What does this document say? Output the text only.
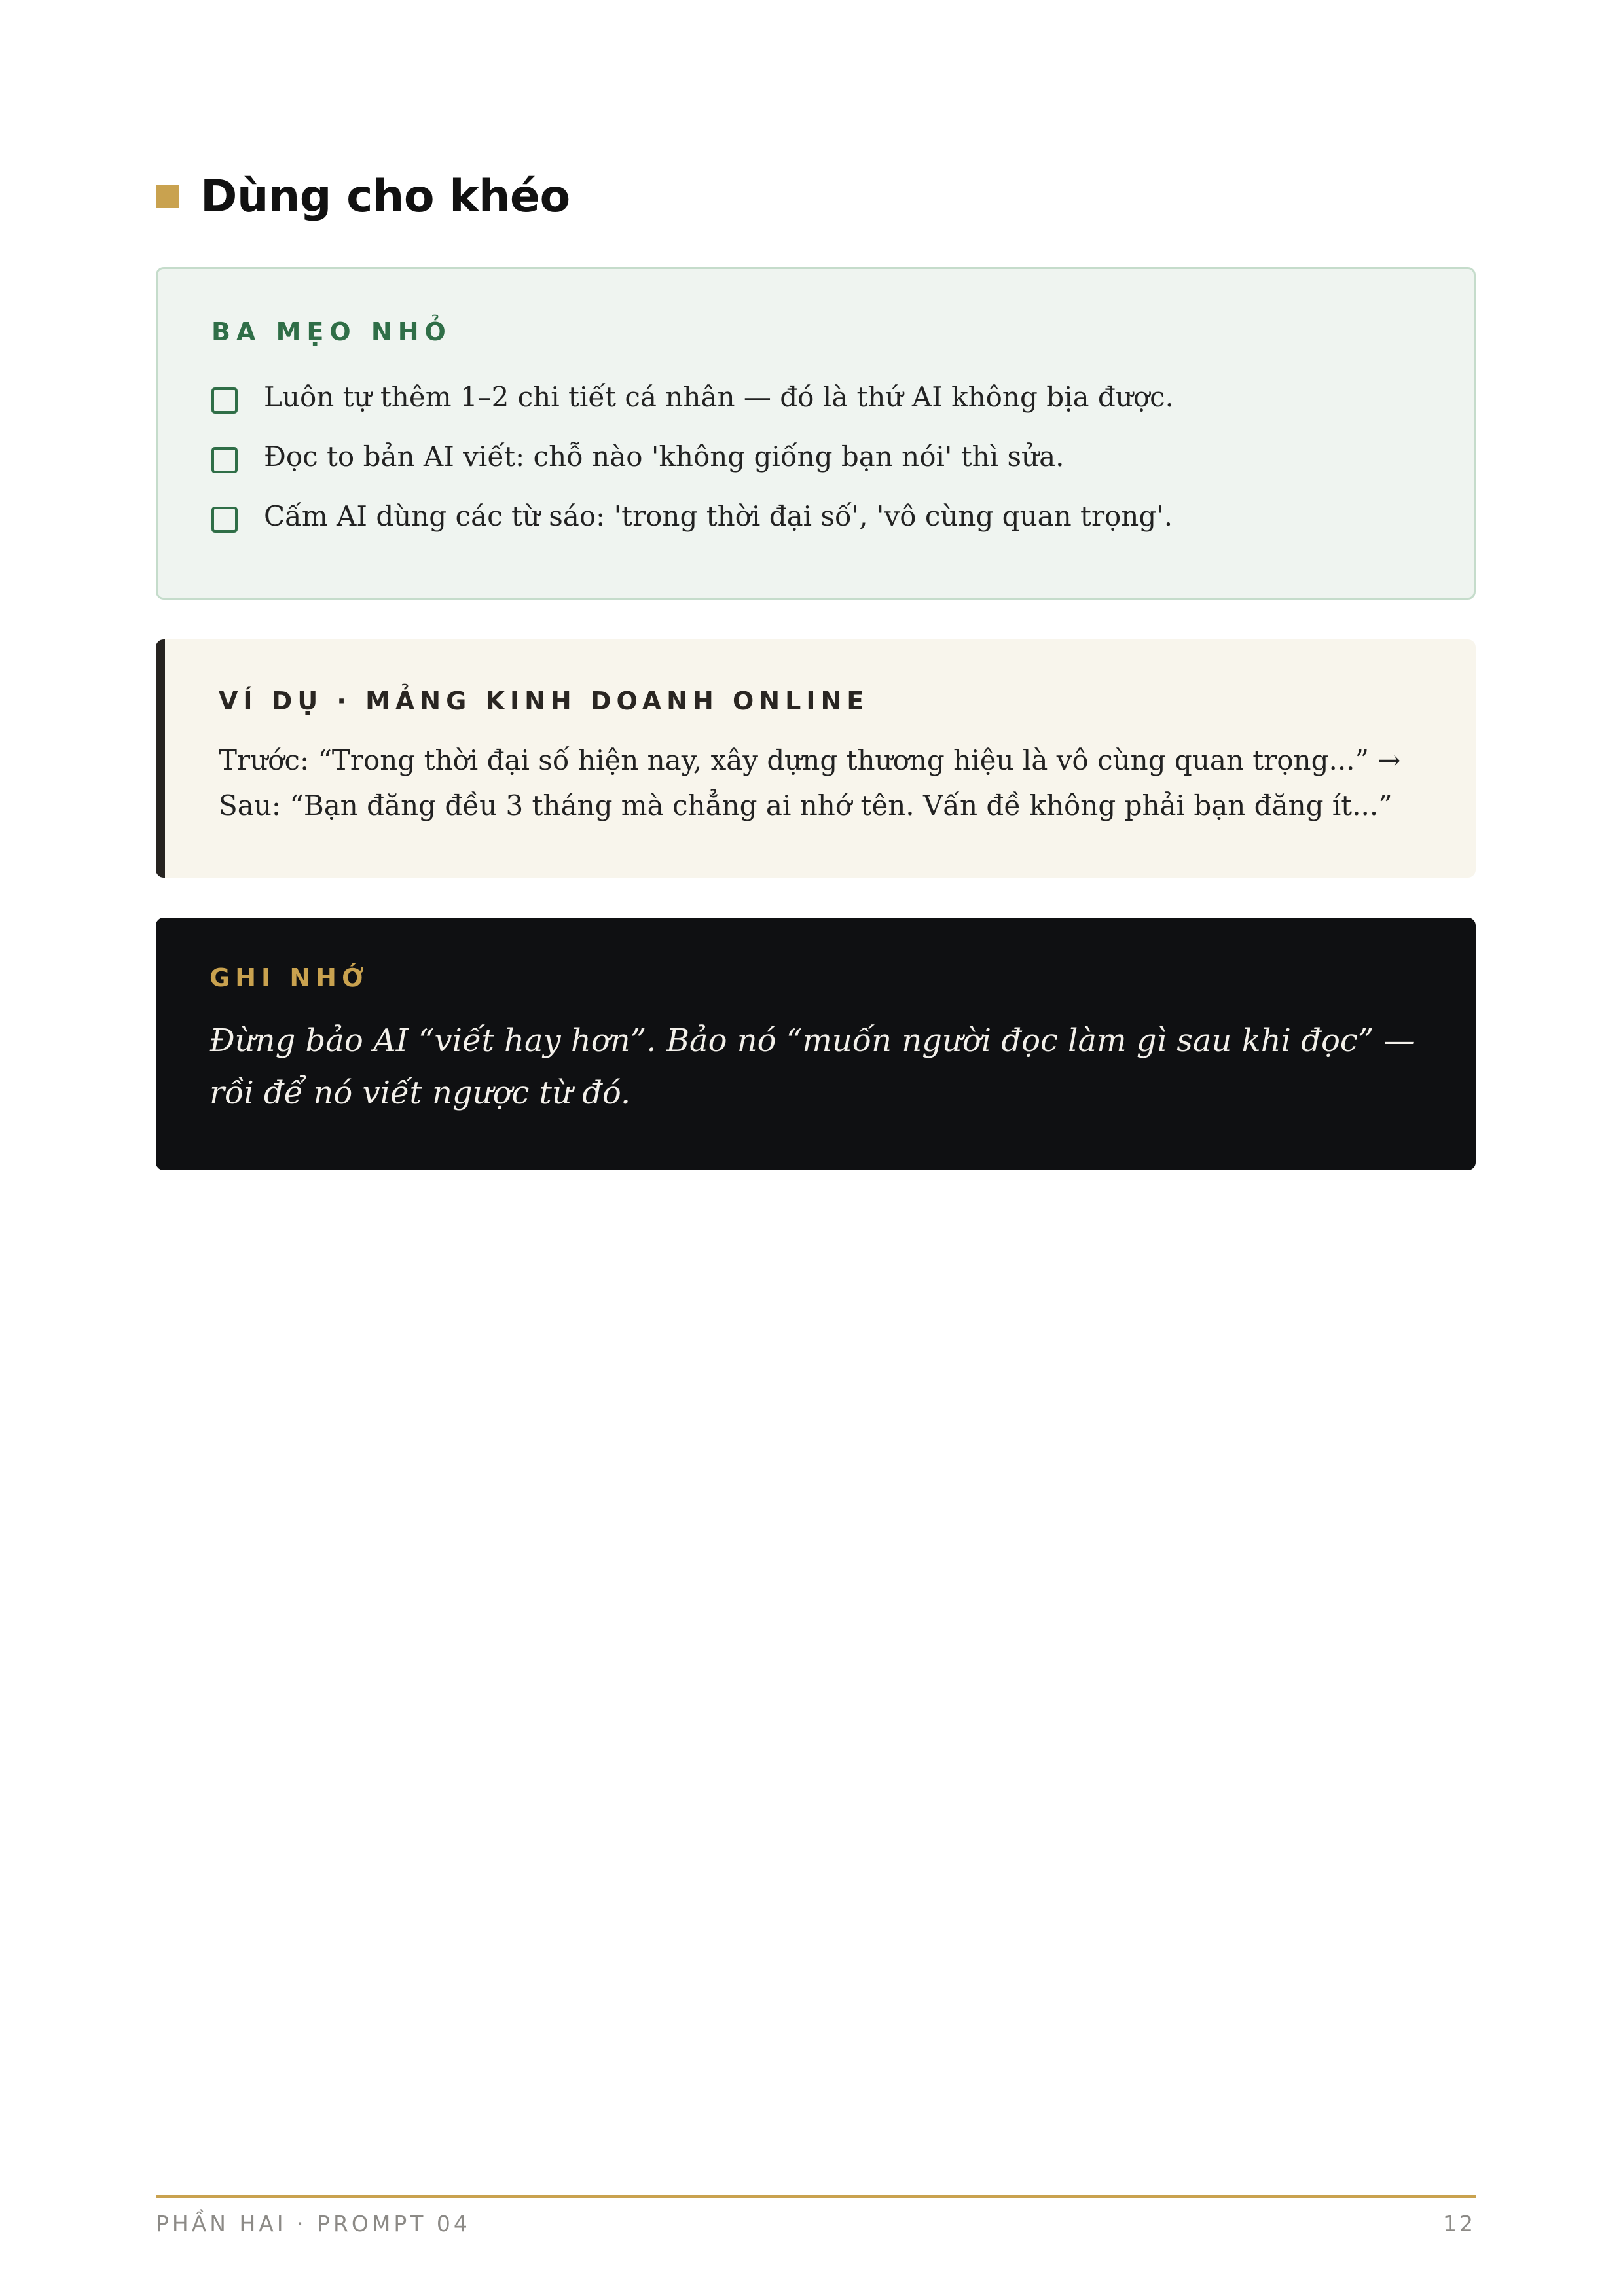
Dùng cho khéo
BA MẸO NHỎ
Luôn tự thêm 1–2 chi tiết cá nhân — đó là thứ AI không bịa được.
Đọc to bản AI viết: chỗ nào 'không giống bạn nói' thì sửa.
Cấm AI dùng các từ sáo: 'trong thời đại số', 'vô cùng quan trọng'.
VÍ DỤ · MẢNG KINH DOANH ONLINE
Trước: “Trong thời đại số hiện nay, xây dựng thương hiệu là vô cùng quan trọng...” → Sau: “Bạn đăng đều 3 tháng mà chẳng ai nhớ tên. Vấn đề không phải bạn đăng ít...”
GHI NHỚ
Đừng bảo AI “viết hay hơn”. Bảo nó “muốn người đọc làm gì sau khi đọc” — rồi để nó viết ngược từ đó.
PHẦN HAI · PROMPT 04	12
